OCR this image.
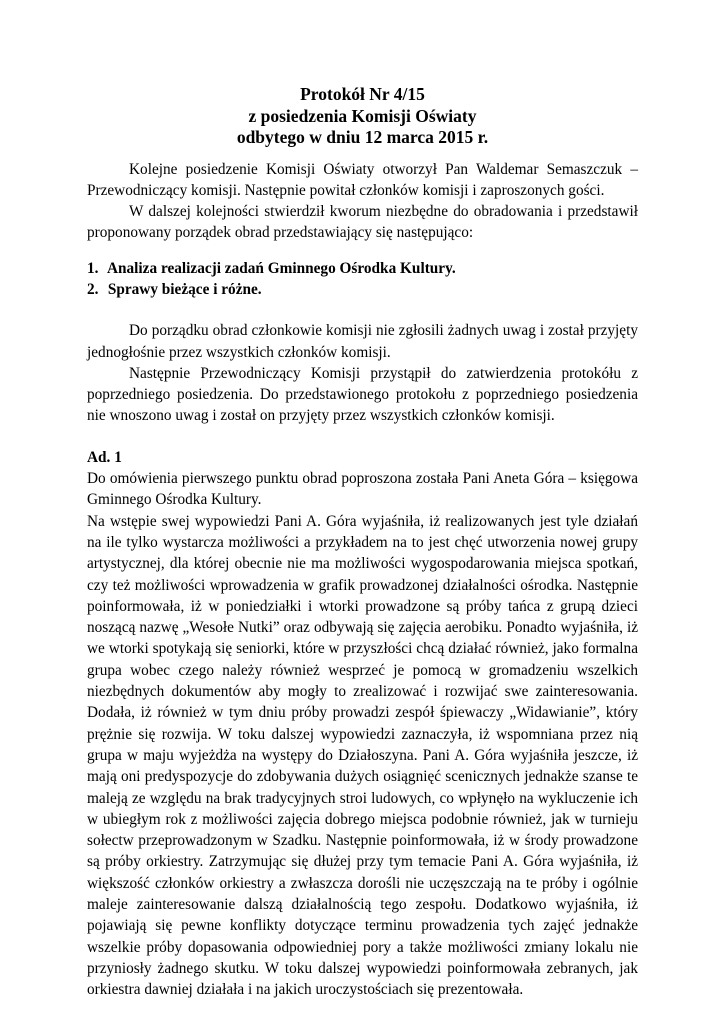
Protokół Nr 4/15
z posiedzenia Komisji Oświaty
odbytego w dniu 12 marca 2015 r.

Kolejne posiedzenie Komisji Oświaty otworzył Pan Waldemar Semaszczuk – Przewodniczący komisji. Następnie powitał członków komisji i zaproszonych gości.

W dalszej kolejności stwierdził kworum niezbędne do obradowania i przedstawił proponowany porządek obrad przedstawiający się następująco:

1. Analiza realizacji zadań Gminnego Ośrodka Kultury.
2. Sprawy bieżące i różne.

Do porządku obrad członkowie komisji nie zgłosili żadnych uwag i został przyjęty jednogłośnie przez wszystkich członków komisji.

Następnie Przewodniczący Komisji przystąpił do zatwierdzenia protokółu z poprzedniego posiedzenia. Do przedstawionego protokołu z poprzedniego posiedzenia nie wnoszono uwag i został on przyjęty przez wszystkich członków komisji.

Ad. 1

Do omówienia pierwszego punktu obrad poproszona została Pani Aneta Góra – księgowa Gminnego Ośrodka Kultury.

Na wstępie swej wypowiedzi Pani A. Góra wyjaśniła, iż realizowanych jest tyle działań na ile tylko wystarcza możliwości a przykładem na to jest chęć utworzenia nowej grupy artystycznej, dla której obecnie nie ma możliwości wygospodarowania miejsca spotkań, czy też możliwości wprowadzenia w grafik prowadzonej działalności ośrodka. Następnie poinformowała, iż w poniedziałki i wtorki prowadzone są próby tańca z grupą dzieci noszącą nazwę „Wesołe Nutki” oraz odbywają się zajęcia aerobiku. Ponadto wyjaśniła, iż we wtorki spotykają się seniorki, które w przyszłości chcą działać również, jako formalna grupa wobec czego należy również wesprzeć je pomocą w gromadzeniu wszelkich niezbędnych dokumentów aby mogły to zrealizować i rozwijać swe zainteresowania. Dodała, iż również w tym dniu próby prowadzi zespół śpiewaczy „Widawianie”, który prężnie się rozwija. W toku dalszej wypowiedzi zaznaczyła, iż wspomniana przez nią grupa w maju wyjeżdża na występy do Działoszyna. Pani A. Góra wyjaśniła jeszcze, iż mają oni predyspozycje do zdobywania dużych osiągnięć scenicznych jednakże szanse te maleją ze względu na brak tradycyjnych stroi ludowych, co wpłynęło na wykluczenie ich w ubiegłym rok z możliwości zajęcia dobrego miejsca podobnie również, jak w turnieju sołectw przeprowadzonym w Szadku. Następnie poinformowała, iż w środy prowadzone są próby orkiestry. Zatrzymując się dłużej przy tym temacie Pani A. Góra wyjaśniła, iż większość członków orkiestry a zwłaszcza dorośli nie uczęszczają na te próby i ogólnie maleje zainteresowanie dalszą działalnością tego zespołu. Dodatkowo wyjaśniła, iż pojawiają się pewne konflikty dotyczące terminu prowadzenia tych zajęć jednakże wszelkie próby dopasowania odpowiedniej pory a także możliwości zmiany lokalu nie przyniosły żadnego skutku. W toku dalszej wypowiedzi poinformowała zebranych, jak orkiestra dawniej działała i na jakich uroczystościach się prezentowała.
